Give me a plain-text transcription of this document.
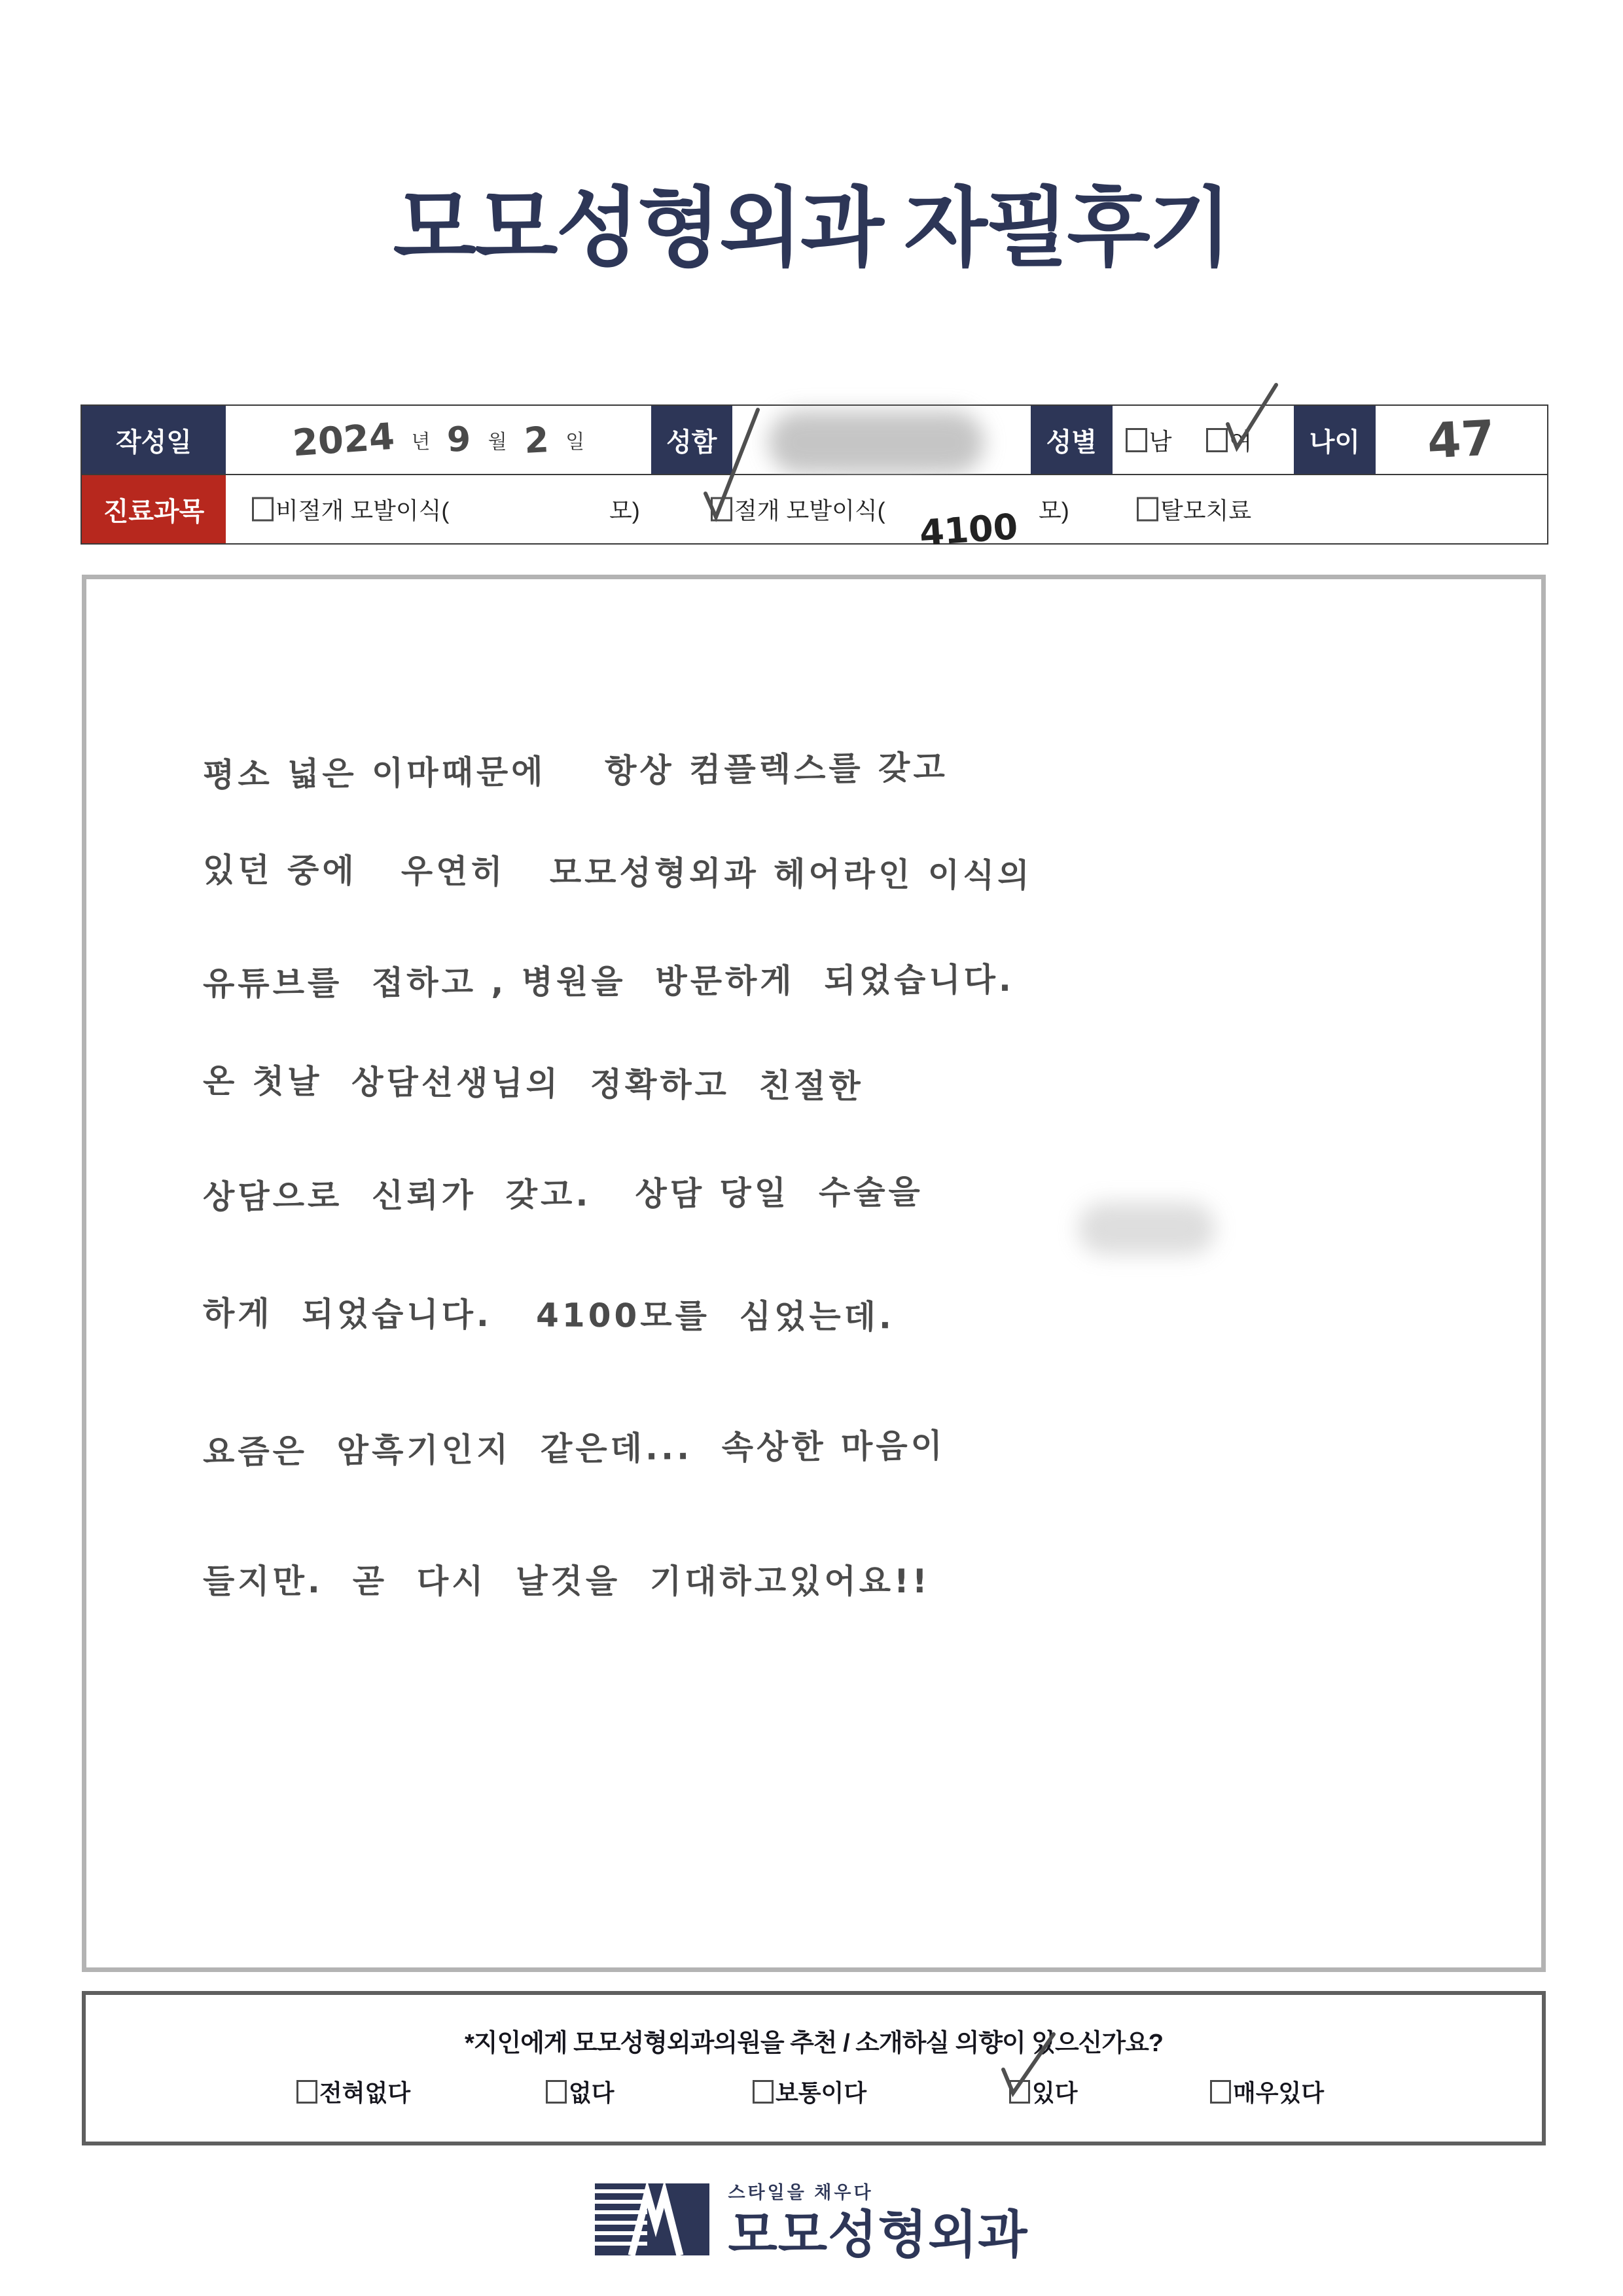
모모성형외과 자필후기
작성일	2024 년 9 월 2 일	성함	성별	남 여	나이	47
진료과목	비절개 모발이식(	모)	절개 모발이식( 4100 모)	탈모치료
평소 넓은 이마때문에    항상 컴플렉스를 갖고
있던 중에   우연히   모모성형외과 헤어라인 이식의
유튜브를  접하고 , 병원을  방문하게  되었습니다.
온 첫날  상담선생님의  정확하고  친절한
상담으로  신뢰가  갖고.   상담 당일  수술을
하게  되었습니다.   4100모를  심었는데.
요즘은  암흑기인지  같은데...  속상한 마음이
들지만.  곧  다시  날것을  기대하고있어요!!
*지인에게 모모성형외과의원을 추천 / 소개하실 의향이 있으신가요?
전혀없다	없다	보통이다	있다	매우있다
스타일을 채우다
모모성형외과
